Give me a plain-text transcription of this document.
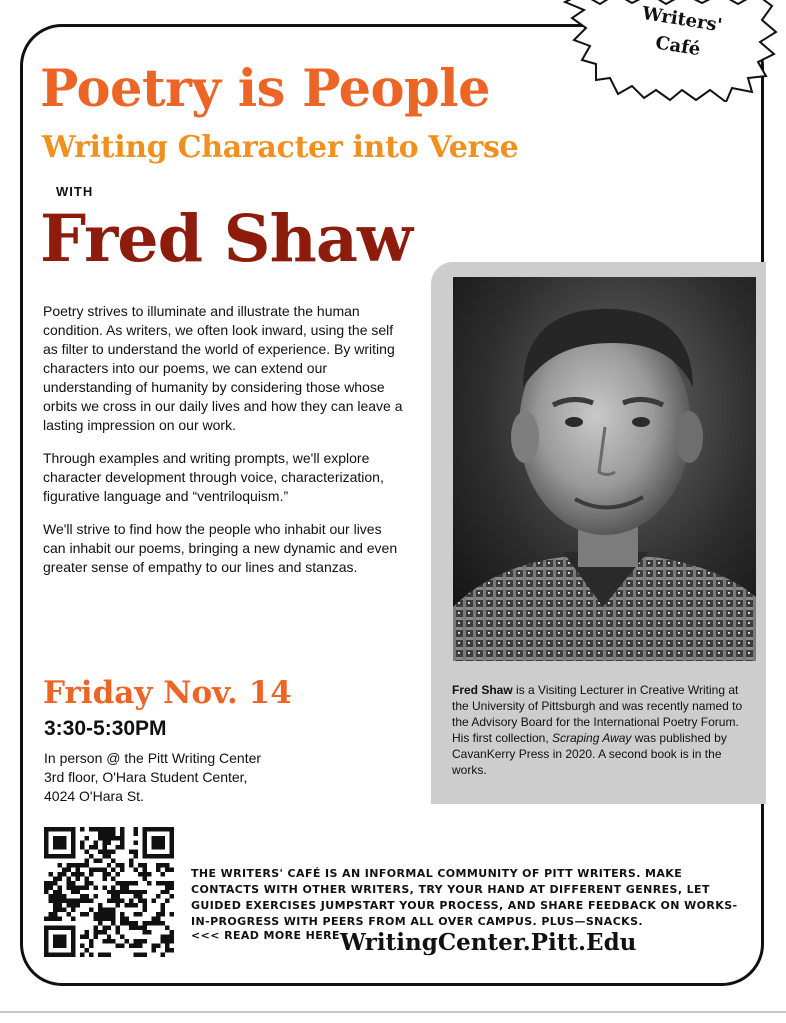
Writers'
Café
Poetry is People
Writing Character into Verse
WITH
Fred Shaw

Poetry strives to illuminate and illustrate the human condition. As writers, we often look inward, using the self as filter to understand the world of experience. By writing characters into our poems, we can extend our understanding of humanity by considering those whose orbits we cross in our daily lives and how they can leave a lasting impression on our work.

Through examples and writing prompts, we'll explore character development through voice, characterization, figurative language and “ventriloquism.”

We'll strive to find how the people who inhabit our lives can inhabit our poems, bringing a new dynamic and even greater sense of empathy to our lines and stanzas.

Fred Shaw is a Visiting Lecturer in Creative Writing at the University of Pittsburgh and was recently named to the Advisory Board for the International Poetry Forum. His first collection, Scraping Away was published by CavanKerry Press in 2020. A second book is in the works.
Friday Nov. 14
3:30-5:30PM
In person @ the Pitt Writing Center
3rd floor, O'Hara Student Center,
4024 O'Hara St.
THE WRITERS' CAFÉ IS AN INFORMAL COMMUNITY OF PITT WRITERS. MAKE CONTACTS WITH OTHER WRITERS, TRY YOUR HAND AT DIFFERENT GENRES, LET GUIDED EXERCISES JUMPSTART YOUR PROCESS, AND SHARE FEEDBACK ON WORKS-IN-PROGRESS WITH PEERS FROM ALL OVER CAMPUS. PLUS—SNACKS.
<<< READ MORE HERE WritingCenter.Pitt.Edu
